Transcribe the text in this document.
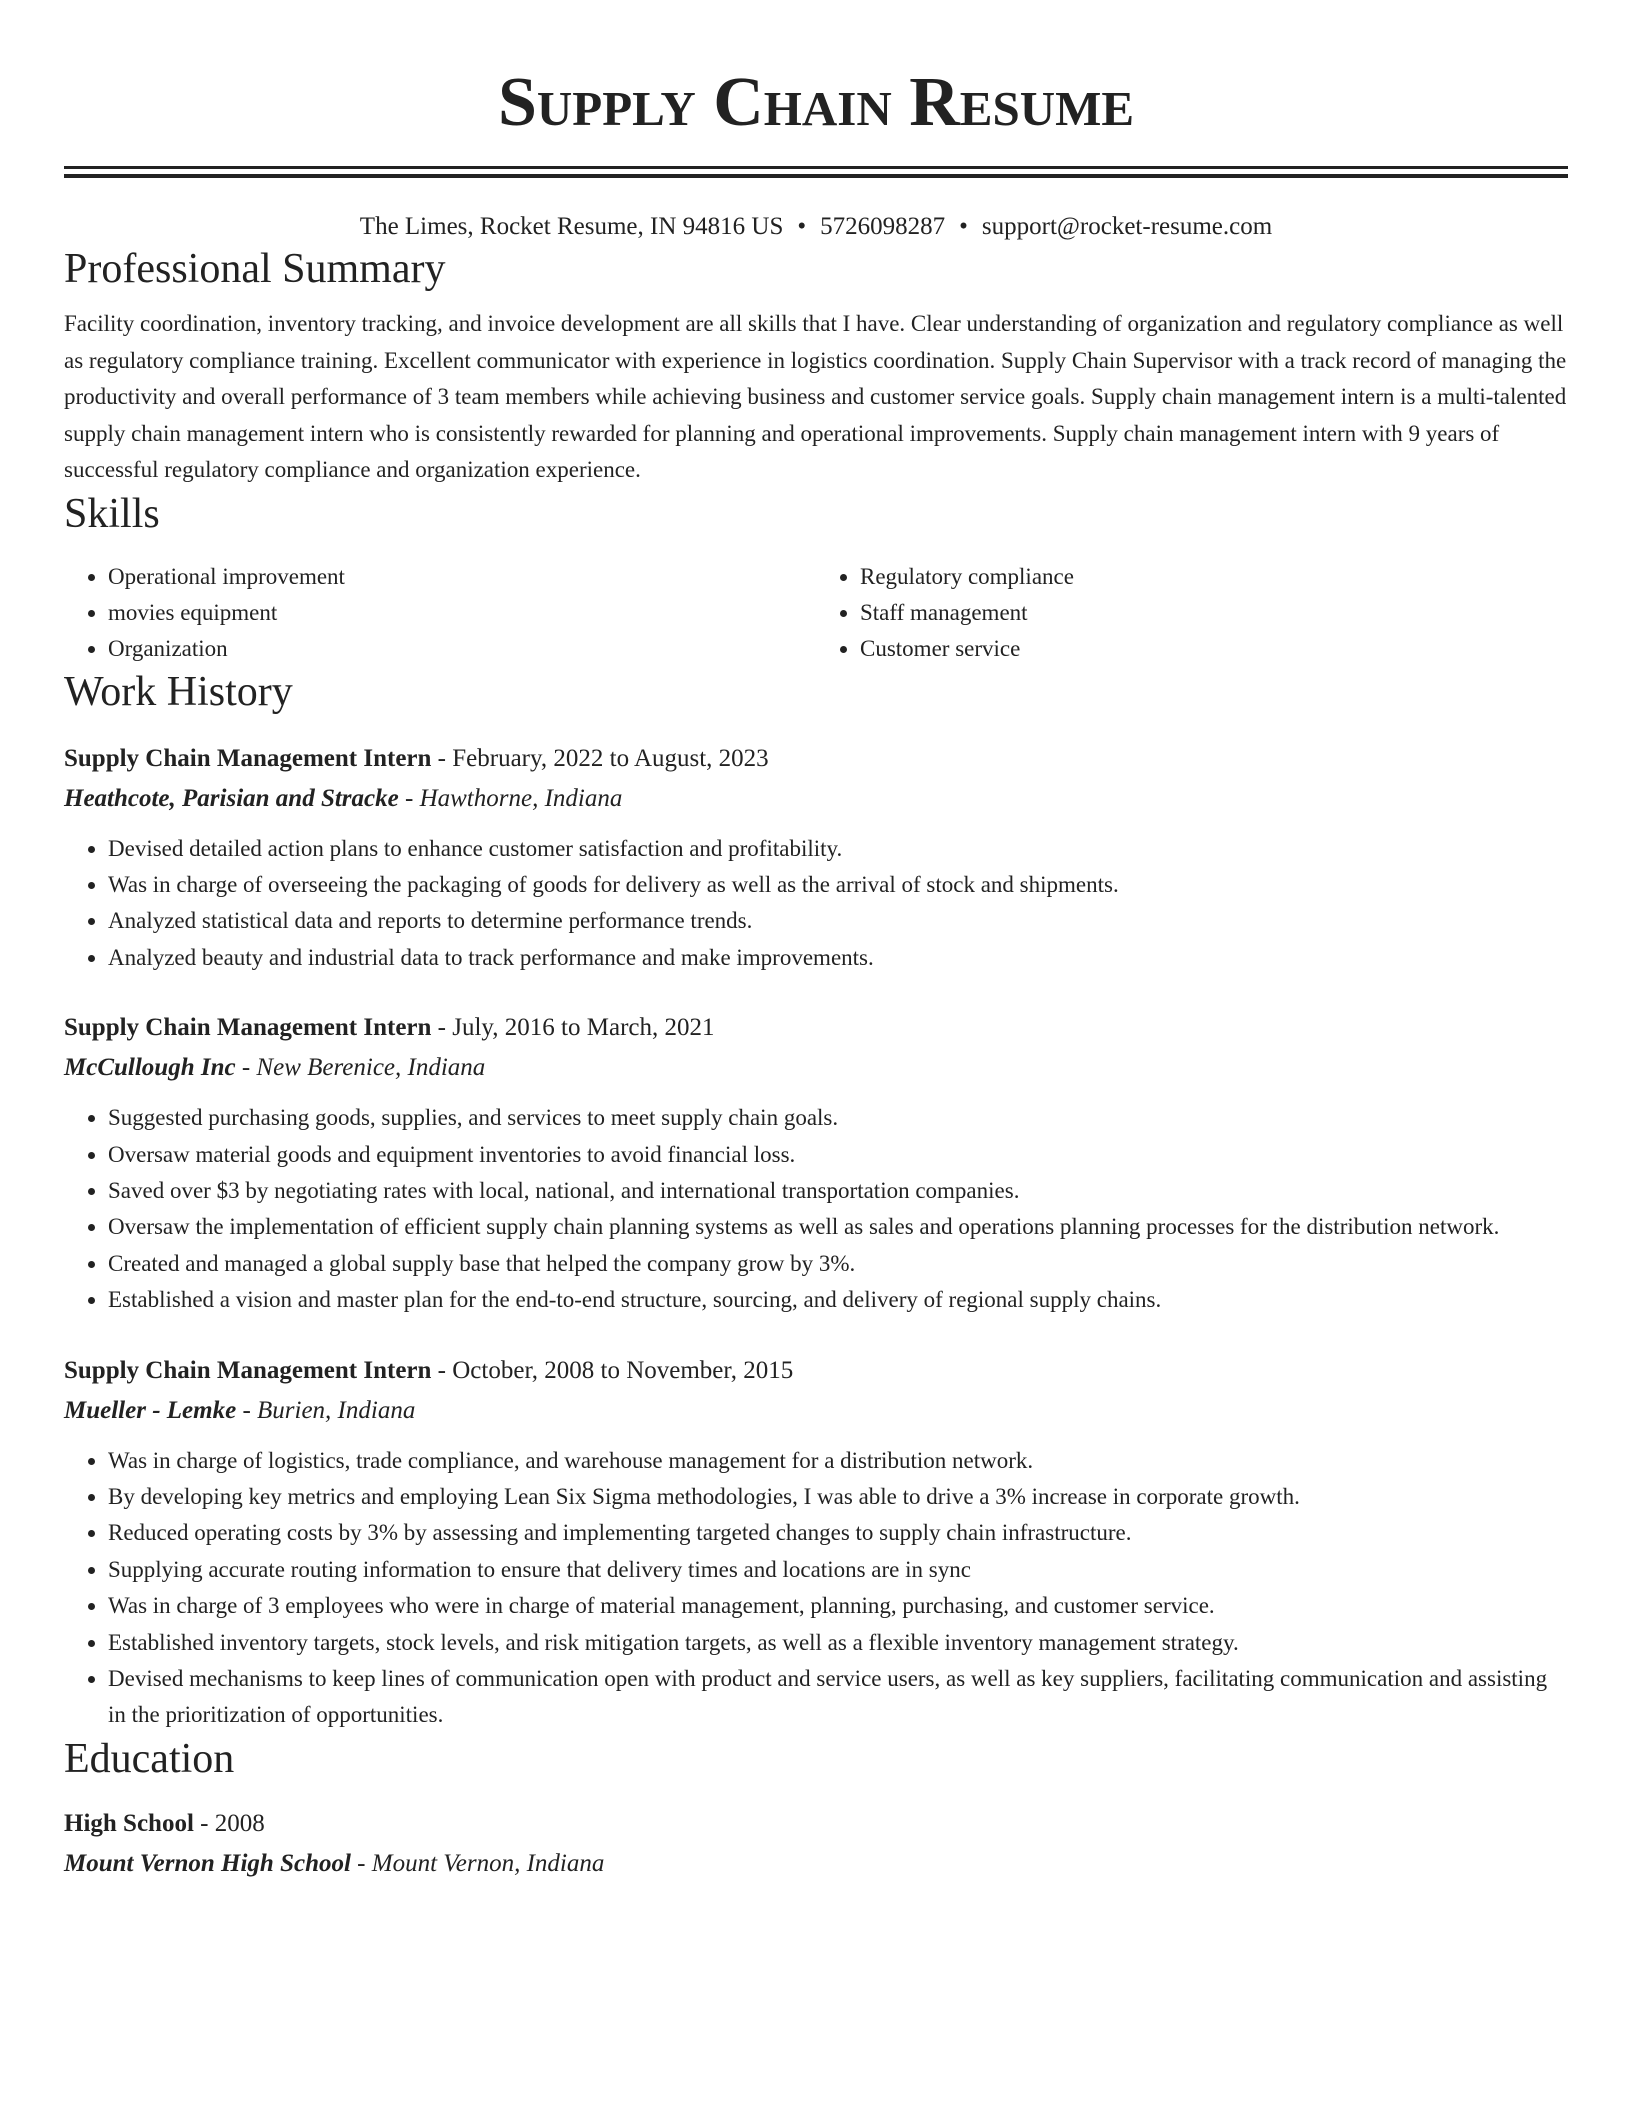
Supply Chain Resume
The Limes, Rocket Resume, IN 94816 US • 5726098287 • support@rocket-resume.com
Professional Summary

Facility coordination, inventory tracking, and invoice development are all skills that I have. Clear understanding of organization and regulatory compliance as well as regulatory compliance training. Excellent communicator with experience in logistics coordination. Supply Chain Supervisor with a track record of managing the productivity and overall performance of 3 team members while achieving business and customer service goals. Supply chain management intern is a multi-talented supply chain management intern who is consistently rewarded for planning and operational improvements. Supply chain management intern with 9 years of successful regulatory compliance and organization experience.

Skills
• Operational improvement
• movies equipment
• Organization
• Regulatory compliance
• Staff management
• Customer service
Work History
Supply Chain Management Intern - February, 2022 to August, 2023
Heathcote, Parisian and Stracke - Hawthorne, Indiana
• Devised detailed action plans to enhance customer satisfaction and profitability.
• Was in charge of overseeing the packaging of goods for delivery as well as the arrival of stock and shipments.
• Analyzed statistical data and reports to determine performance trends.
• Analyzed beauty and industrial data to track performance and make improvements.
Supply Chain Management Intern - July, 2016 to March, 2021
McCullough Inc - New Berenice, Indiana
• Suggested purchasing goods, supplies, and services to meet supply chain goals.
• Oversaw material goods and equipment inventories to avoid financial loss.
• Saved over $3 by negotiating rates with local, national, and international transportation companies.
• Oversaw the implementation of efficient supply chain planning systems as well as sales and operations planning processes for the distribution network.
• Created and managed a global supply base that helped the company grow by 3%.
• Established a vision and master plan for the end-to-end structure, sourcing, and delivery of regional supply chains.
Supply Chain Management Intern - October, 2008 to November, 2015
Mueller - Lemke - Burien, Indiana
• Was in charge of logistics, trade compliance, and warehouse management for a distribution network.
• By developing key metrics and employing Lean Six Sigma methodologies, I was able to drive a 3% increase in corporate growth.
• Reduced operating costs by 3% by assessing and implementing targeted changes to supply chain infrastructure.
• Supplying accurate routing information to ensure that delivery times and locations are in sync
• Was in charge of 3 employees who were in charge of material management, planning, purchasing, and customer service.
• Established inventory targets, stock levels, and risk mitigation targets, as well as a flexible inventory management strategy.
• Devised mechanisms to keep lines of communication open with product and service users, as well as key suppliers, facilitating communication and assisting in the prioritization of opportunities.
Education
High School - 2008
Mount Vernon High School - Mount Vernon, Indiana
